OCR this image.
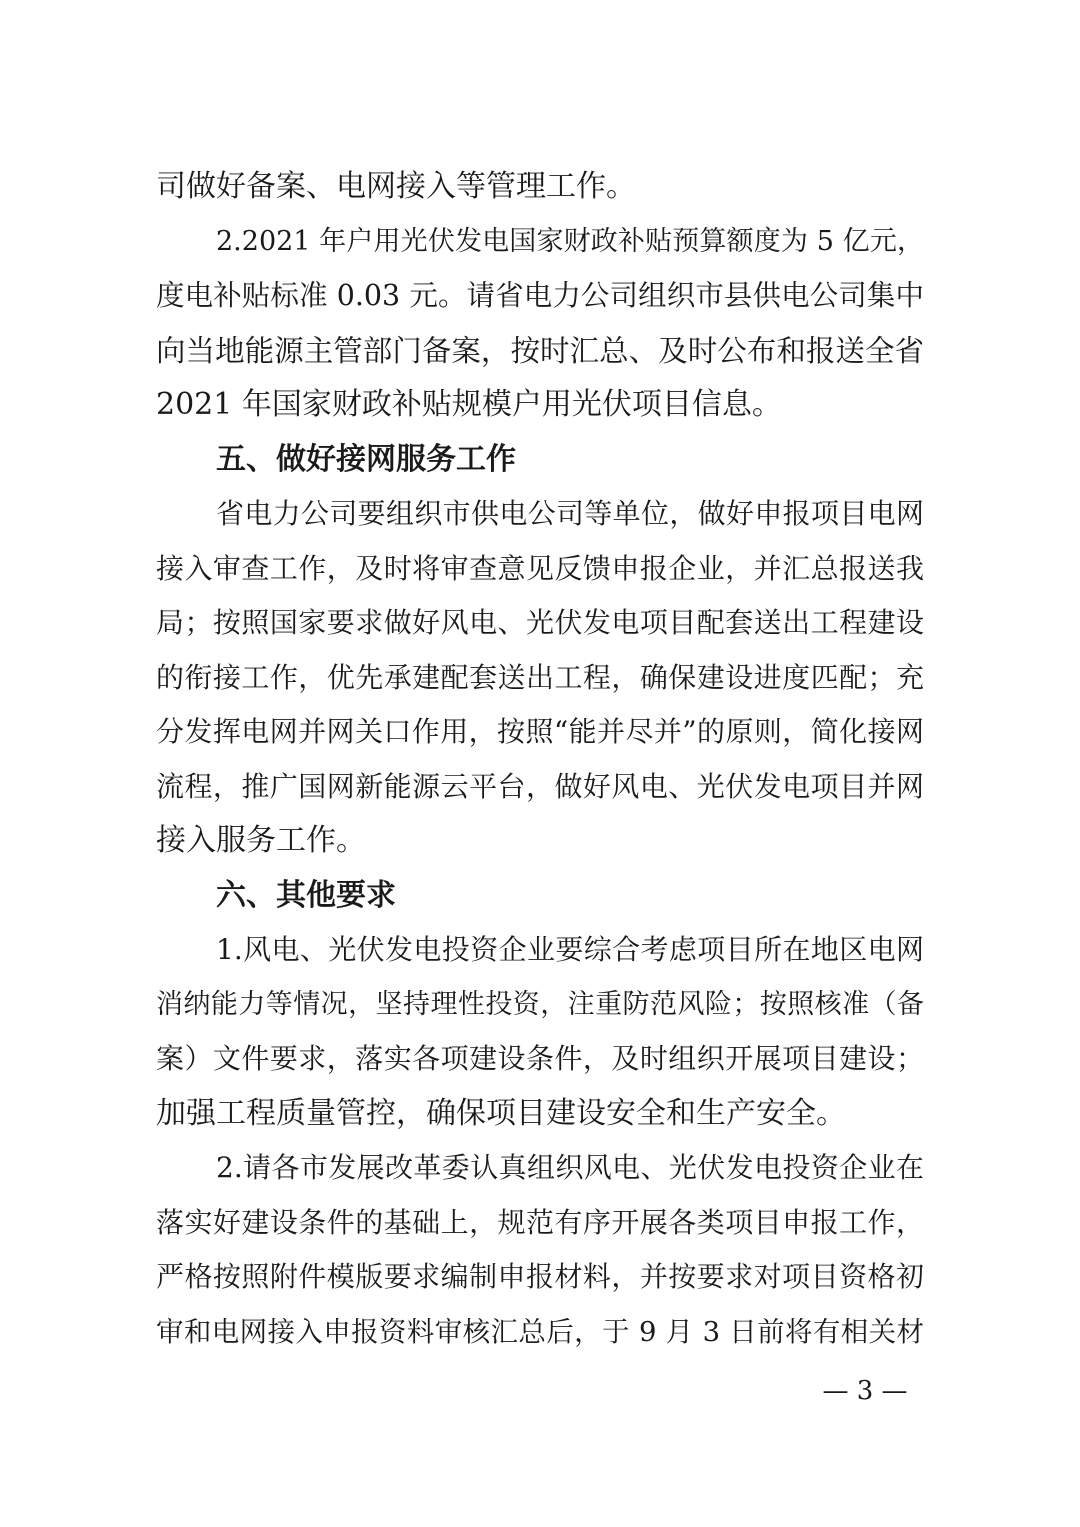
司做好备案、电网接入等管理工作。
2.2021 年户用光伏发电国家财政补贴预算额度为 5 亿元，
度电补贴标准 0.03 元。请省电力公司组织市县供电公司集中
向当地能源主管部门备案，按时汇总、及时公布和报送全省
2021 年国家财政补贴规模户用光伏项目信息。
五、做好接网服务工作
省电力公司要组织市供电公司等单位，做好申报项目电网
接入审查工作，及时将审查意见反馈申报企业，并汇总报送我
局；按照国家要求做好风电、光伏发电项目配套送出工程建设
的衔接工作，优先承建配套送出工程，确保建设进度匹配；充
分发挥电网并网关口作用，按照“能并尽并”的原则，简化接网
流程，推广国网新能源云平台，做好风电、光伏发电项目并网
接入服务工作。
六、其他要求
1.风电、光伏发电投资企业要综合考虑项目所在地区电网
消纳能力等情况，坚持理性投资，注重防范风险；按照核准（备
案）文件要求，落实各项建设条件，及时组织开展项目建设；
加强工程质量管控，确保项目建设安全和生产安全。
2.请各市发展改革委认真组织风电、光伏发电投资企业在
落实好建设条件的基础上，规范有序开展各类项目申报工作，
严格按照附件模版要求编制申报材料，并按要求对项目资格初
审和电网接入申报资料审核汇总后，于 9 月 3 日前将有相关材
— 3 —
